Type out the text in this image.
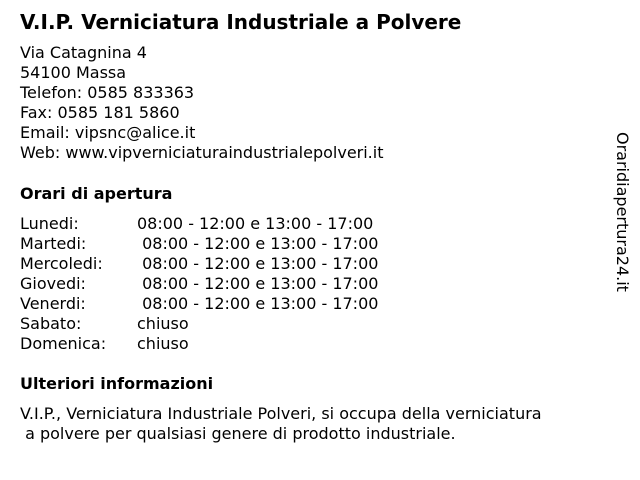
V.I.P. Verniciatura Industriale a Polvere
Via Catagnina 4
54100 Massa
Telefon: 0585 833363
Fax: 0585 181 5860
Email: vipsnc@alice.it
Web: www.vipverniciaturaindustrialepolveri.it
Orari di apertura
Lunedi:	08:00 - 12:00 e 13:00 - 17:00
Martedi:	08:00 - 12:00 e 13:00 - 17:00
Mercoledi:	08:00 - 12:00 e 13:00 - 17:00
Giovedi:	08:00 - 12:00 e 13:00 - 17:00
Venerdi:	08:00 - 12:00 e 13:00 - 17:00
Sabato:	chiuso
Domenica:	chiuso
Ulteriori informazioni
V.I.P., Verniciatura Industriale Polveri, si occupa della verniciatura
a polvere per qualsiasi genere di prodotto industriale.
Oraridiapertura24.it
